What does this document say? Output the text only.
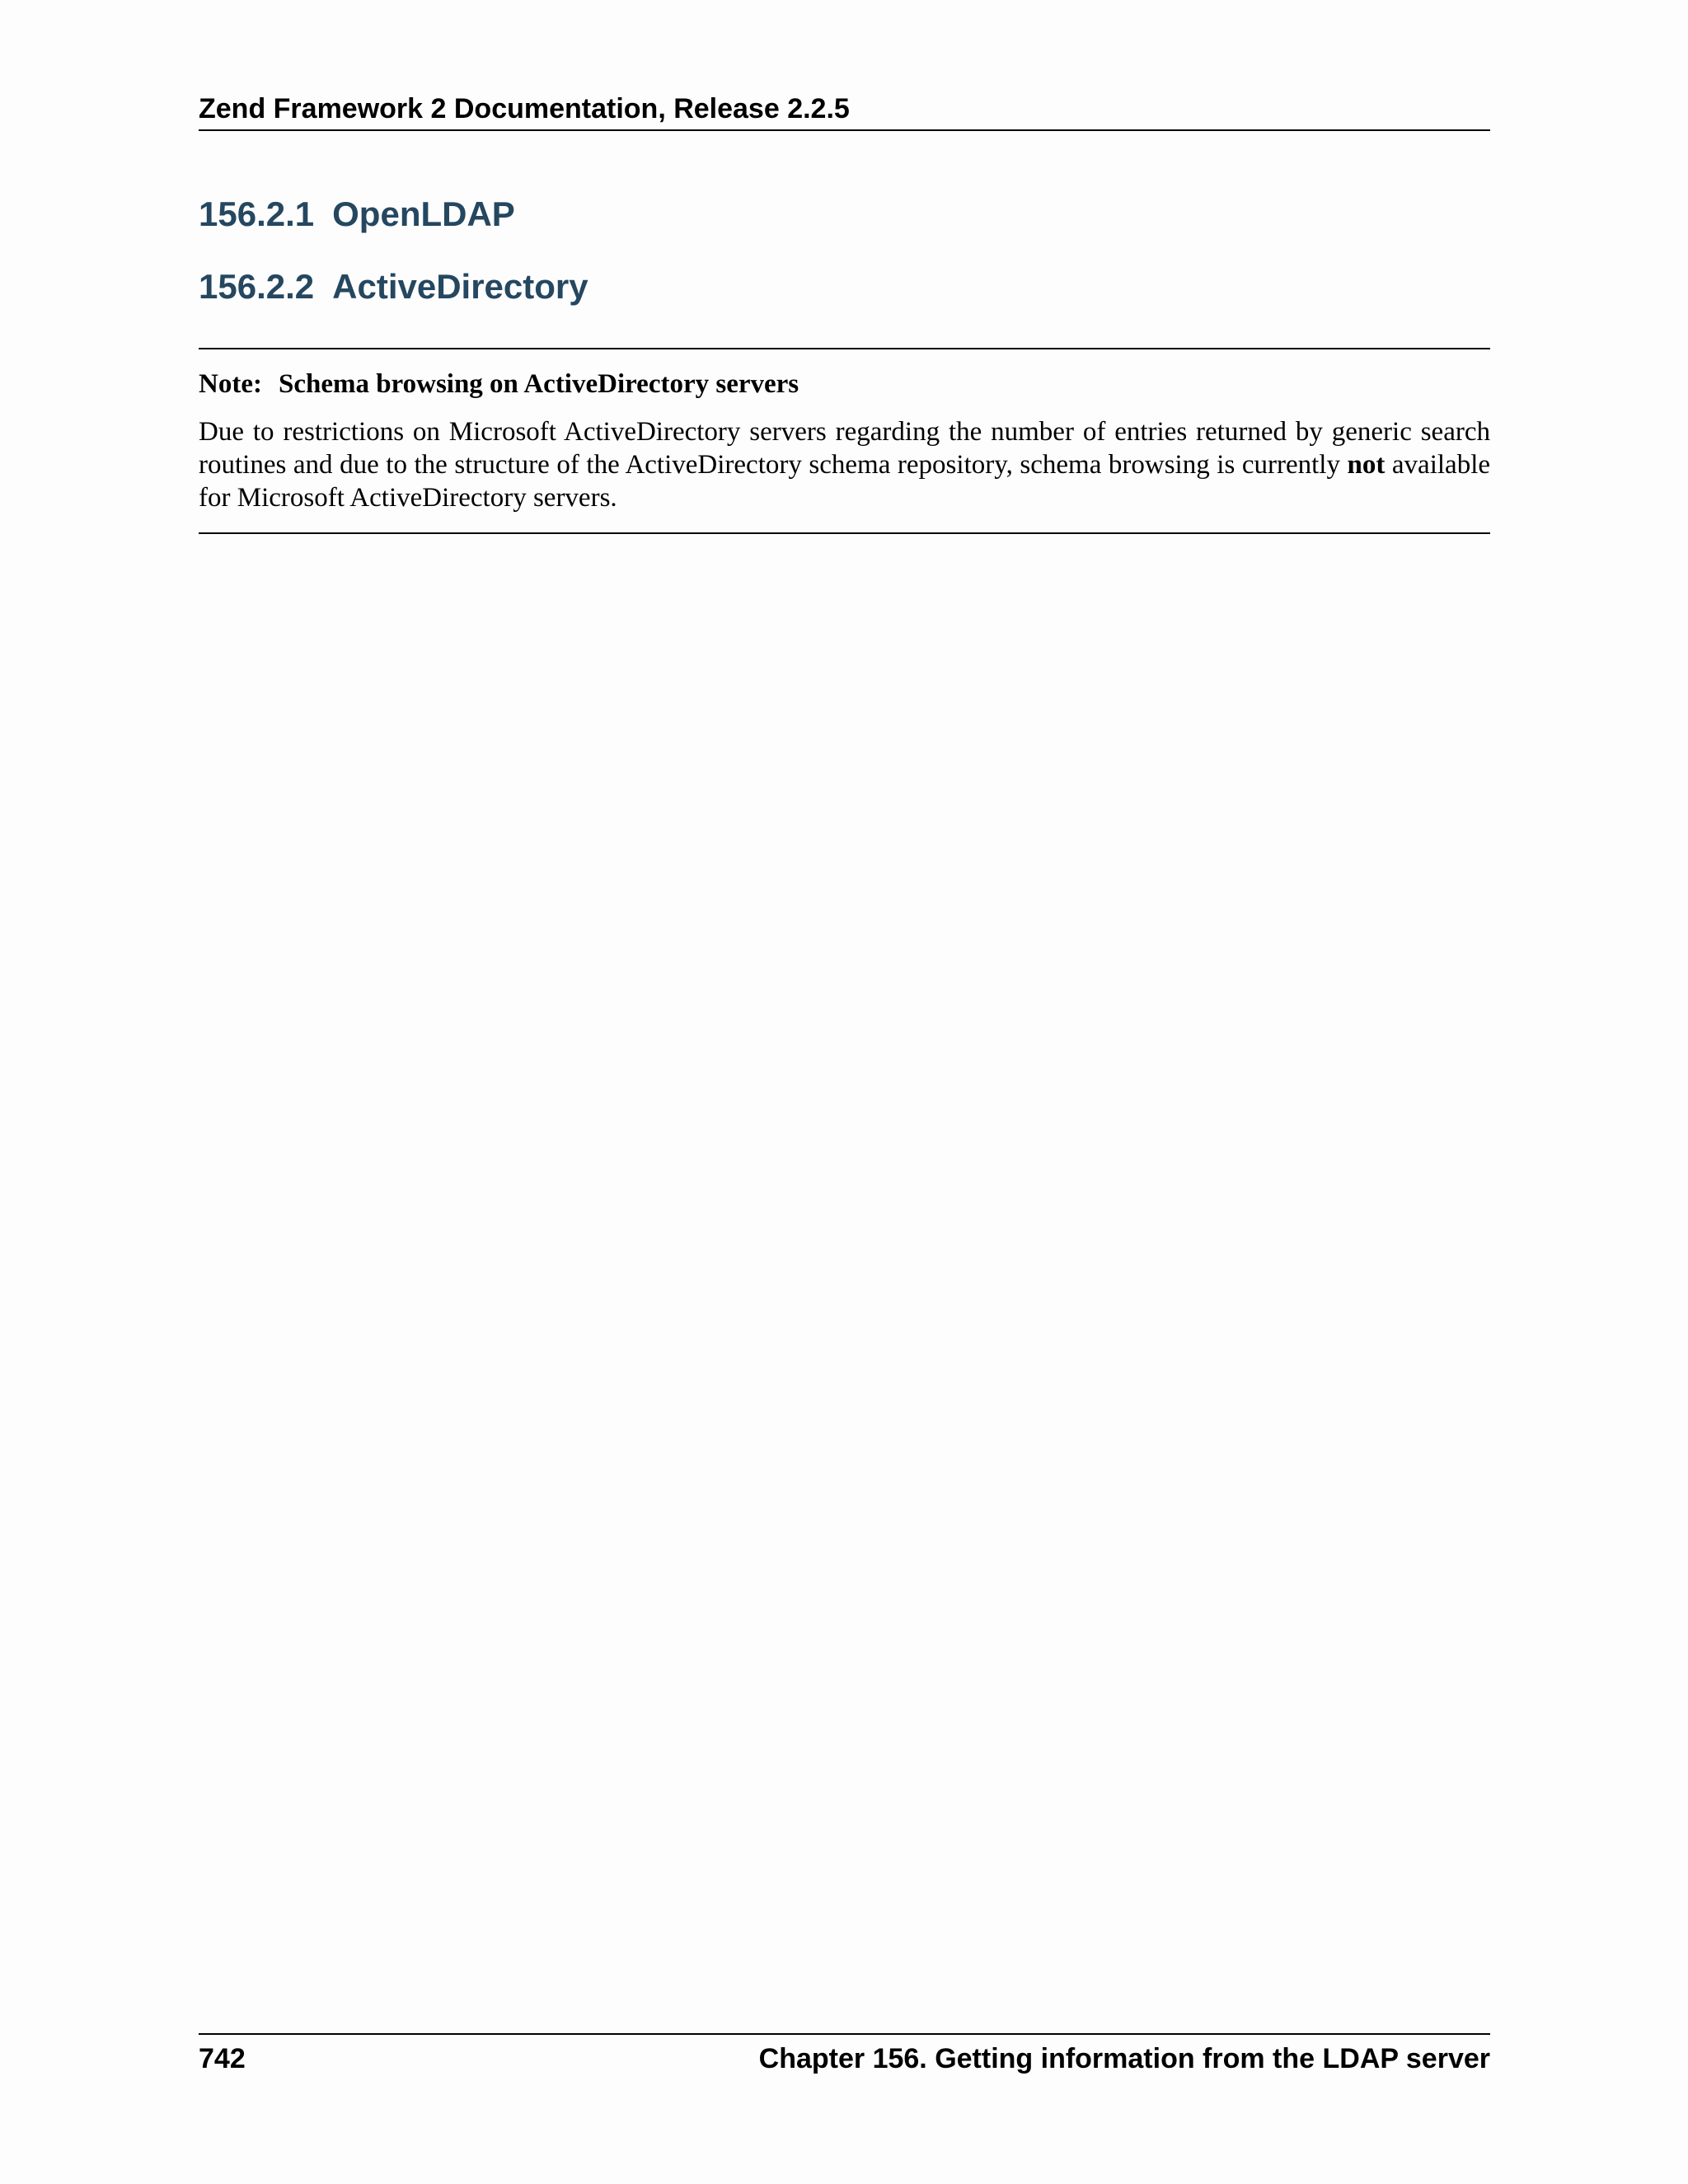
Zend Framework 2 Documentation, Release 2.2.5
156.2.1 OpenLDAP
156.2.2 ActiveDirectory
Note: Schema browsing on ActiveDirectory servers
Due to restrictions on Microsoft ActiveDirectory servers regarding the number of entries returned by generic search
routines and due to the structure of the ActiveDirectory schema repository, schema browsing is currently not available
for Microsoft ActiveDirectory servers.
742	Chapter 156. Getting information from the LDAP server
